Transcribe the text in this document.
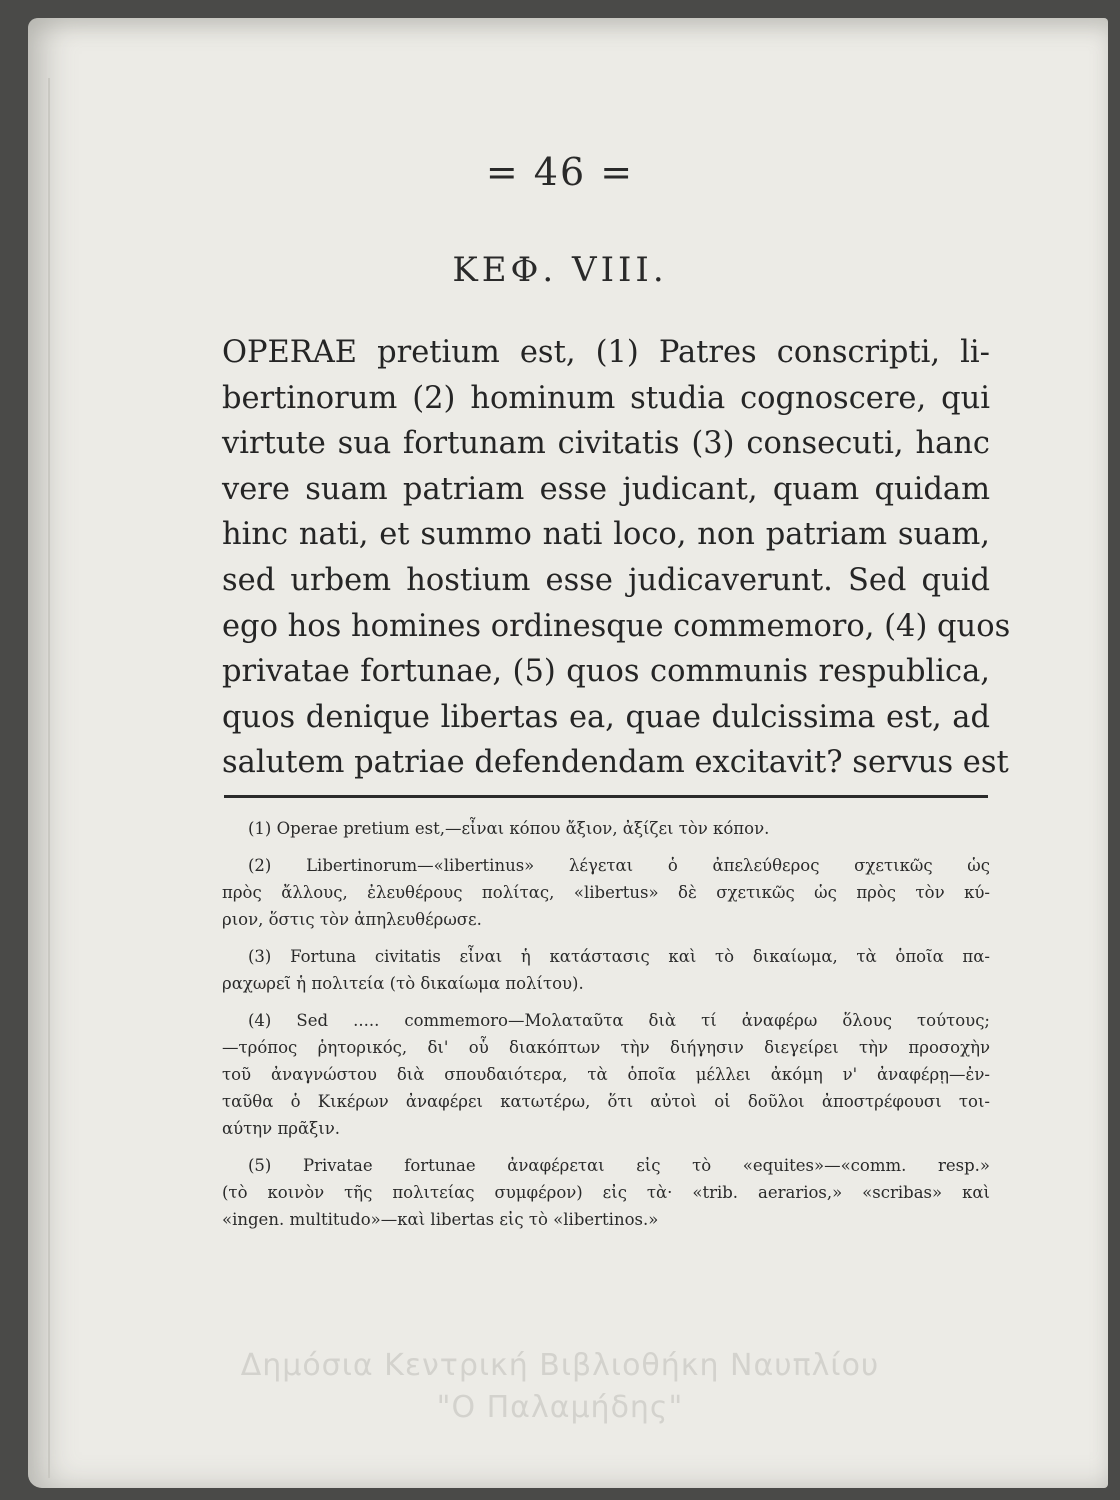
= 46 =
ΚΕΦ. VIII.
OPERAE pretium est, (1) Patres conscripti, li-
bertinorum (2) hominum studia cognoscere, qui
virtute sua fortunam civitatis (3) consecuti, hanc
vere suam patriam esse judicant, quam quidam
hinc nati, et summo nati loco, non patriam suam,
sed urbem hostium esse judicaverunt. Sed quid
ego hos homines ordinesque commemoro, (4) quos
privatae fortunae, (5) quos communis respublica,
quos denique libertas ea, quae dulcissima est, ad
salutem patriae defendendam excitavit? servus est
(1) Operae pretium est,—εἶναι κόπου ἄξιον, ἀξίζει τὸν κόπον.
(2) Libertinorum—«libertinus» λέγεται ὁ ἀπελεύθερος σχετικῶς ὡς
πρὸς ἄλλους, ἐλευθέρους πολίτας, «libertus» δὲ σχετικῶς ὡς πρὸς τὸν κύ-
ριον, ὅστις τὸν ἀπηλευθέρωσε.
(3) Fortuna civitatis εἶναι ἡ κατάστασις καὶ τὸ δικαίωμα, τὰ ὁποῖα πα-
ραχωρεῖ ἡ πολιτεία (τὸ δικαίωμα πολίτου).
(4) Sed ..... commemoro—Μολαταῦτα διὰ τί ἀναφέρω ὅλους τούτους;
—τρόπος ῥητορικός, δι' οὗ διακόπτων τὴν διήγησιν διεγείρει τὴν προσοχὴν
τοῦ ἀναγνώστου διὰ σπουδαιότερα, τὰ ὁποῖα μέλλει ἀκόμη ν' ἀναφέρῃ—ἐν-
ταῦθα ὁ Κικέρων ἀναφέρει κατωτέρω, ὅτι αὐτοὶ οἱ δοῦλοι ἀποστρέφουσι τοι-
αύτην πρᾶξιν.
(5) Privatae fortunae ἀναφέρεται εἰς τὸ «equites»—«comm. resp.»
(τὸ κοινὸν τῆς πολιτείας συμφέρον) εἰς τὰ· «trib. aerarios,» «scribas» καὶ
«ingen. multitudo»—καὶ libertas εἰς τὸ «libertinos.»
Δημόσια Κεντρική Βιβλιοθήκη Ναυπλίου
"Ο Παλαμήδης"
